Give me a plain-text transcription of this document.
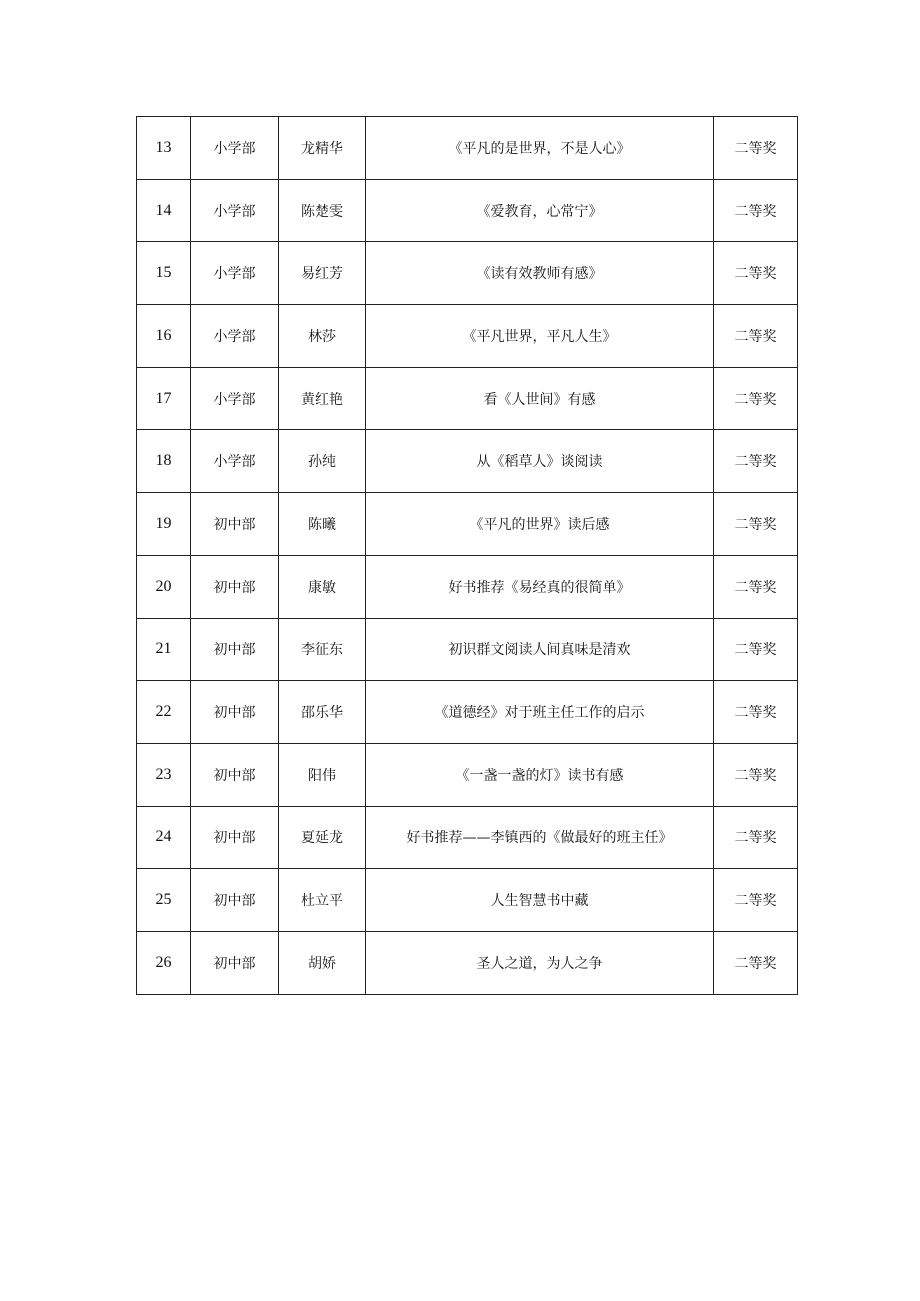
13	小学部	龙精华	《平凡的是世界，不是人心》	二等奖
14	小学部	陈楚雯	《爱教育，心常宁》	二等奖
15	小学部	易红芳	《读有效教师有感》	二等奖
16	小学部	林莎	《平凡世界，平凡人生》	二等奖
17	小学部	黄红艳	看《人世间》有感	二等奖
18	小学部	孙纯	从《稻草人》谈阅读	二等奖
19	初中部	陈曦	《平凡的世界》读后感	二等奖
20	初中部	康敏	好书推荐《易经真的很简单》	二等奖
21	初中部	李征东	初识群文阅读人间真味是清欢	二等奖
22	初中部	邵乐华	《道德经》对于班主任工作的启示	二等奖
23	初中部	阳伟	《一盏一盏的灯》读书有感	二等奖
24	初中部	夏延龙	好书推荐——李镇西的《做最好的班主任》	二等奖
25	初中部	杜立平	人生智慧书中藏	二等奖
26	初中部	胡娇	圣人之道，为人之争	二等奖
